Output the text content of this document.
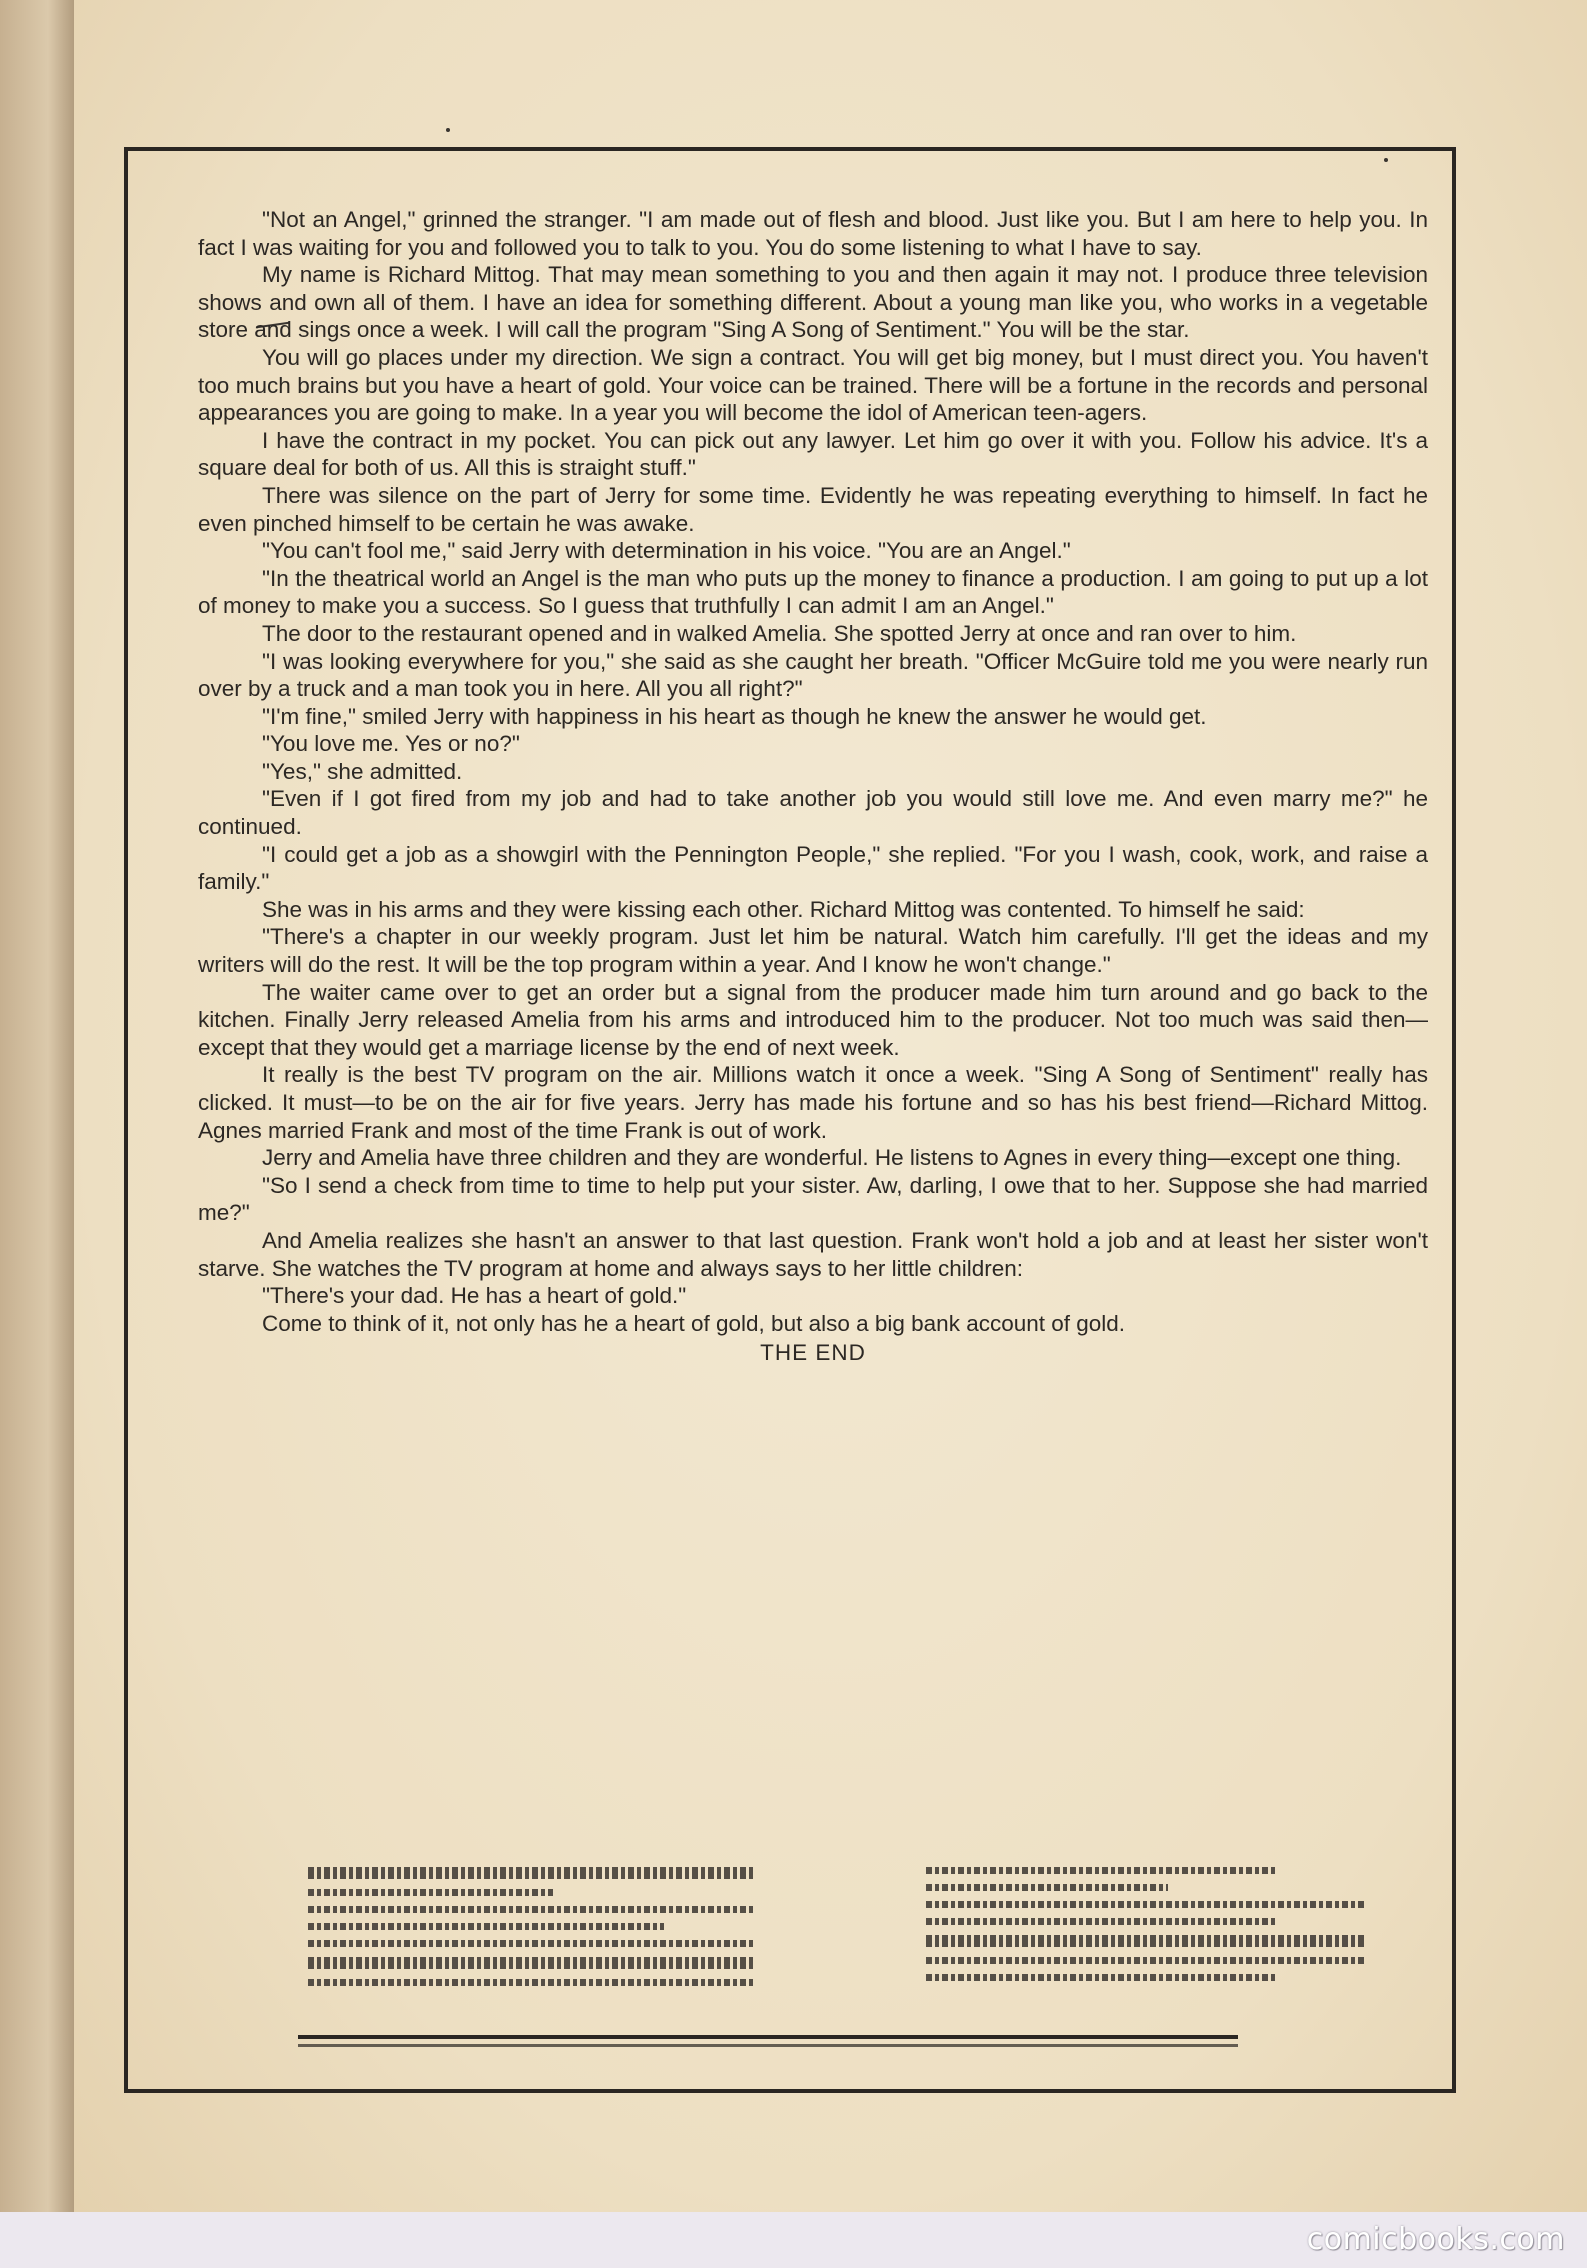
"Not an Angel," grinned the stranger. "I am made out of flesh and blood. Just like you. But I am here to help you. In fact I was waiting for you and followed you to talk to you. You do some listening to what I have to say.

My name is Richard Mittog. That may mean something to you and then again it may not. I produce three television shows and own all of them. I have an idea for something different. About a young man like you, who works in a vegetable store and sings once a week. I will call the program "Sing A Song of Sentiment." You will be the star.

You will go places under my direction. We sign a contract. You will get big money, but I must direct you. You haven't too much brains but you have a heart of gold. Your voice can be trained. There will be a fortune in the records and personal appearances you are going to make. In a year you will become the idol of American teen-agers.

I have the contract in my pocket. You can pick out any lawyer. Let him go over it with you. Follow his advice. It's a square deal for both of us. All this is straight stuff."

There was silence on the part of Jerry for some time. Evidently he was repeating everything to himself. In fact he even pinched himself to be certain he was awake.

"You can't fool me," said Jerry with determination in his voice. "You are an Angel."

"In the theatrical world an Angel is the man who puts up the money to finance a production. I am going to put up a lot of money to make you a success. So I guess that truthfully I can admit I am an Angel."

The door to the restaurant opened and in walked Amelia. She spotted Jerry at once and ran over to him.

"I was looking everywhere for you," she said as she caught her breath. "Officer McGuire told me you were nearly run over by a truck and a man took you in here. All you all right?"

"I'm fine," smiled Jerry with happiness in his heart as though he knew the answer he would get.

"You love me. Yes or no?"

"Yes," she admitted.

"Even if I got fired from my job and had to take another job you would still love me. And even marry me?" he continued.

"I could get a job as a showgirl with the Pennington People," she replied. "For you I wash, cook, work, and raise a family."

She was in his arms and they were kissing each other. Richard Mittog was contented. To himself he said:

"There's a chapter in our weekly program. Just let him be natural. Watch him carefully. I'll get the ideas and my writers will do the rest. It will be the top program within a year. And I know he won't change."

The waiter came over to get an order but a signal from the producer made him turn around and go back to the kitchen. Finally Jerry released Amelia from his arms and introduced him to the producer. Not too much was said then—except that they would get a marriage license by the end of next week.

It really is the best TV program on the air. Millions watch it once a week. "Sing A Song of Sentiment" really has clicked. It must—to be on the air for five years. Jerry has made his fortune and so has his best friend—Richard Mittog. Agnes married Frank and most of the time Frank is out of work.

Jerry and Amelia have three children and they are wonderful. He listens to Agnes in every thing—except one thing.

"So I send a check from time to time to help put your sister. Aw, darling, I owe that to her. Suppose she had married me?"

And Amelia realizes she hasn't an answer to that last question. Frank won't hold a job and at least her sister won't starve. She watches the TV program at home and always says to her little children:

"There's your dad. He has a heart of gold."

Come to think of it, not only has he a heart of gold, but also a big bank account of gold.

THE END

comicbooks.com
